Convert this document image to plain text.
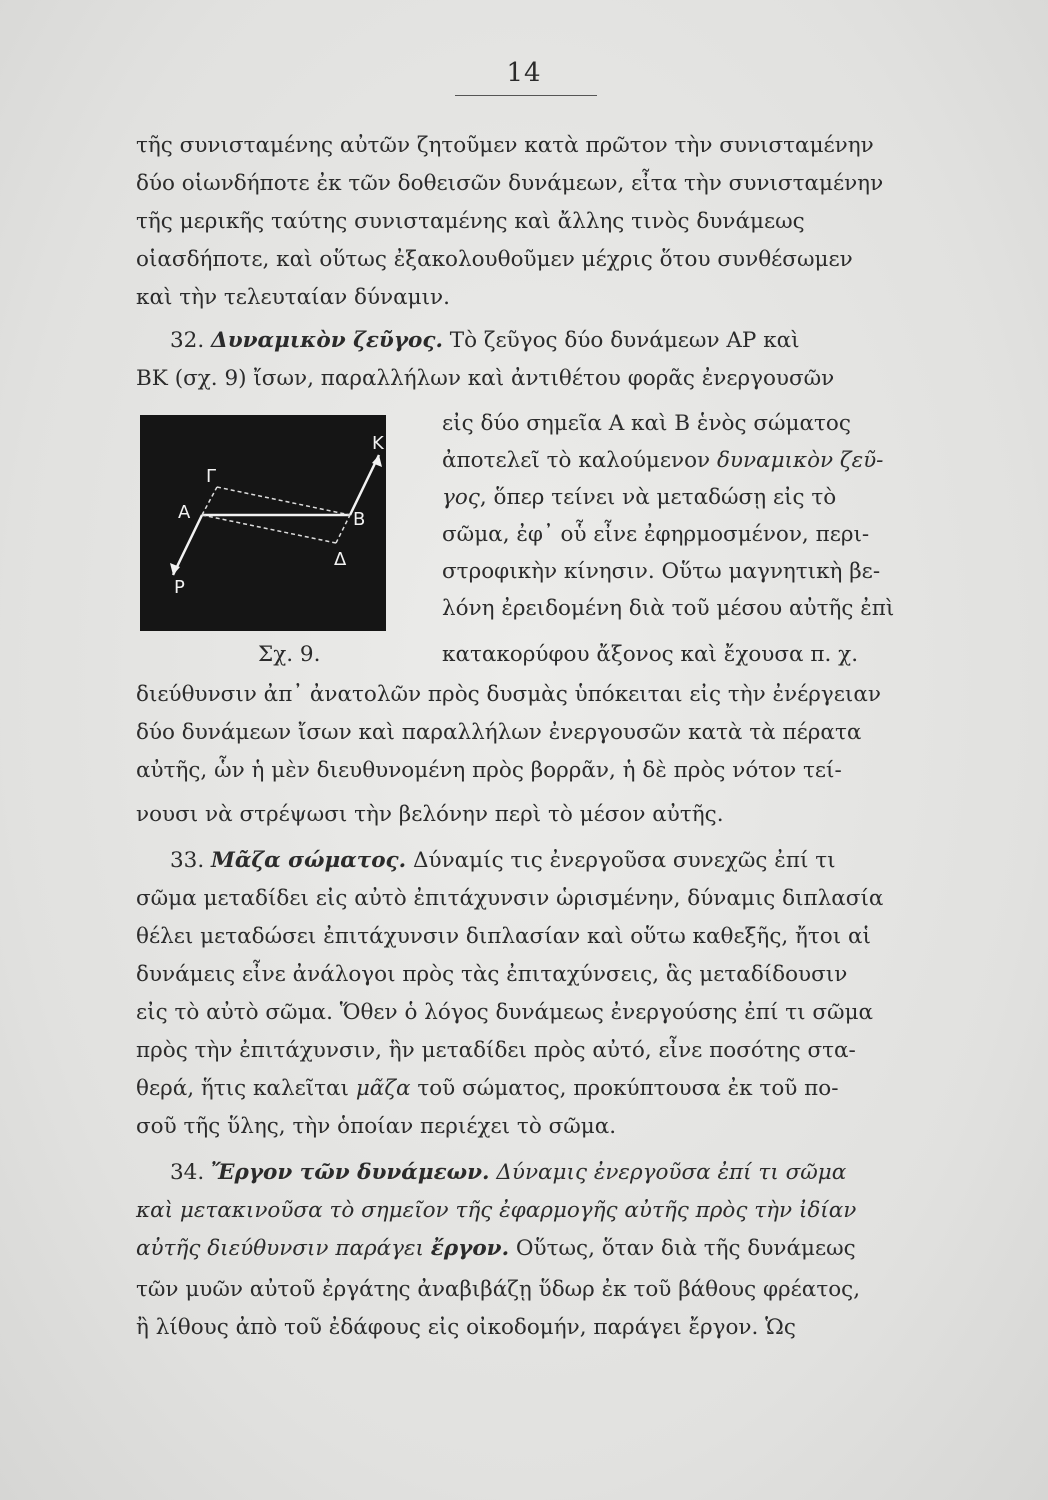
14
τῆς συνισταμένης αὐτῶν ζητοῦμεν κατὰ πρῶτον τὴν συνισταμένην
δύο οἱωνδήποτε ἐκ τῶν δοθεισῶν δυνάμεων, εἶτα τὴν συνισταμένην
τῆς μερικῆς ταύτης συνισταμένης καὶ ἄλλης τινὸς δυνάμεως
οἱασδήποτε, καὶ οὕτως ἐξακολουθοῦμεν μέχρις ὅτου συνθέσωμεν
καὶ τὴν τελευταίαν δύναμιν.
32. Δυναμικὸν ζεῦγος. Τὸ ζεῦγος δύο δυνάμεων ΑΡ καὶ
ΒΚ (σχ. 9) ἴσων, παραλλήλων καὶ ἀντιθέτου φορᾶς ἐνεργουσῶν
εἰς δύο σημεῖα Α καὶ Β ἑνὸς σώματος
ἀποτελεῖ τὸ καλούμενον δυναμικὸν ζεῦ-
γος, ὅπερ τείνει νὰ μεταδώσῃ εἰς τὸ
σῶμα, ἐφ᾽ οὗ εἶνε ἐφηρμοσμένον, περι-
στροφικὴν κίνησιν. Οὕτω μαγνητικὴ βε-
λόνη ἐρειδομένη διὰ τοῦ μέσου αὐτῆς ἐπὶ
κατακορύφου ἄξονος καὶ ἔχουσα π. χ.
Α	Β
Γ
Κ
Δ
Ρ
Σχ. 9.
διεύθυνσιν ἀπ᾽ ἀνατολῶν πρὸς δυσμὰς ὑπόκειται εἰς τὴν ἐνέργειαν
δύο δυνάμεων ἴσων καὶ παραλλήλων ἐνεργουσῶν κατὰ τὰ πέρατα
αὐτῆς, ὧν ἡ μὲν διευθυνομένη πρὸς βορρᾶν, ἡ δὲ πρὸς νότον τεί-
νουσι νὰ στρέψωσι τὴν βελόνην περὶ τὸ μέσον αὐτῆς.
33. Μᾶζα σώματος. Δύναμίς τις ἐνεργοῦσα συνεχῶς ἐπί τι
σῶμα μεταδίδει εἰς αὐτὸ ἐπιτάχυνσιν ὡρισμένην, δύναμις διπλασία
θέλει μεταδώσει ἐπιτάχυνσιν διπλασίαν καὶ οὕτω καθεξῆς, ἤτοι αἱ
δυνάμεις εἶνε ἀνάλογοι πρὸς τὰς ἐπιταχύνσεις, ἃς μεταδίδουσιν
εἰς τὸ αὐτὸ σῶμα. Ὅθεν ὁ λόγος δυνάμεως ἐνεργούσης ἐπί τι σῶμα
πρὸς τὴν ἐπιτάχυνσιν, ἣν μεταδίδει πρὸς αὐτό, εἶνε ποσότης στα-
θερά, ἥτις καλεῖται μᾶζα τοῦ σώματος, προκύπτουσα ἐκ τοῦ πο-
σοῦ τῆς ὕλης, τὴν ὁποίαν περιέχει τὸ σῶμα.
34. Ἔργον τῶν δυνάμεων. Δύναμις ἐνεργοῦσα ἐπί τι σῶμα
καὶ μετακινοῦσα τὸ σημεῖον τῆς ἐφαρμογῆς αὐτῆς πρὸς τὴν ἰδίαν
αὐτῆς διεύθυνσιν παράγει ἔργον. Οὕτως, ὅταν διὰ τῆς δυνάμεως
τῶν μυῶν αὐτοῦ ἐργάτης ἀναβιβάζῃ ὕδωρ ἐκ τοῦ βάθους φρέατος,
ἢ λίθους ἀπὸ τοῦ ἐδάφους εἰς οἰκοδομήν, παράγει ἔργον. Ὡς
